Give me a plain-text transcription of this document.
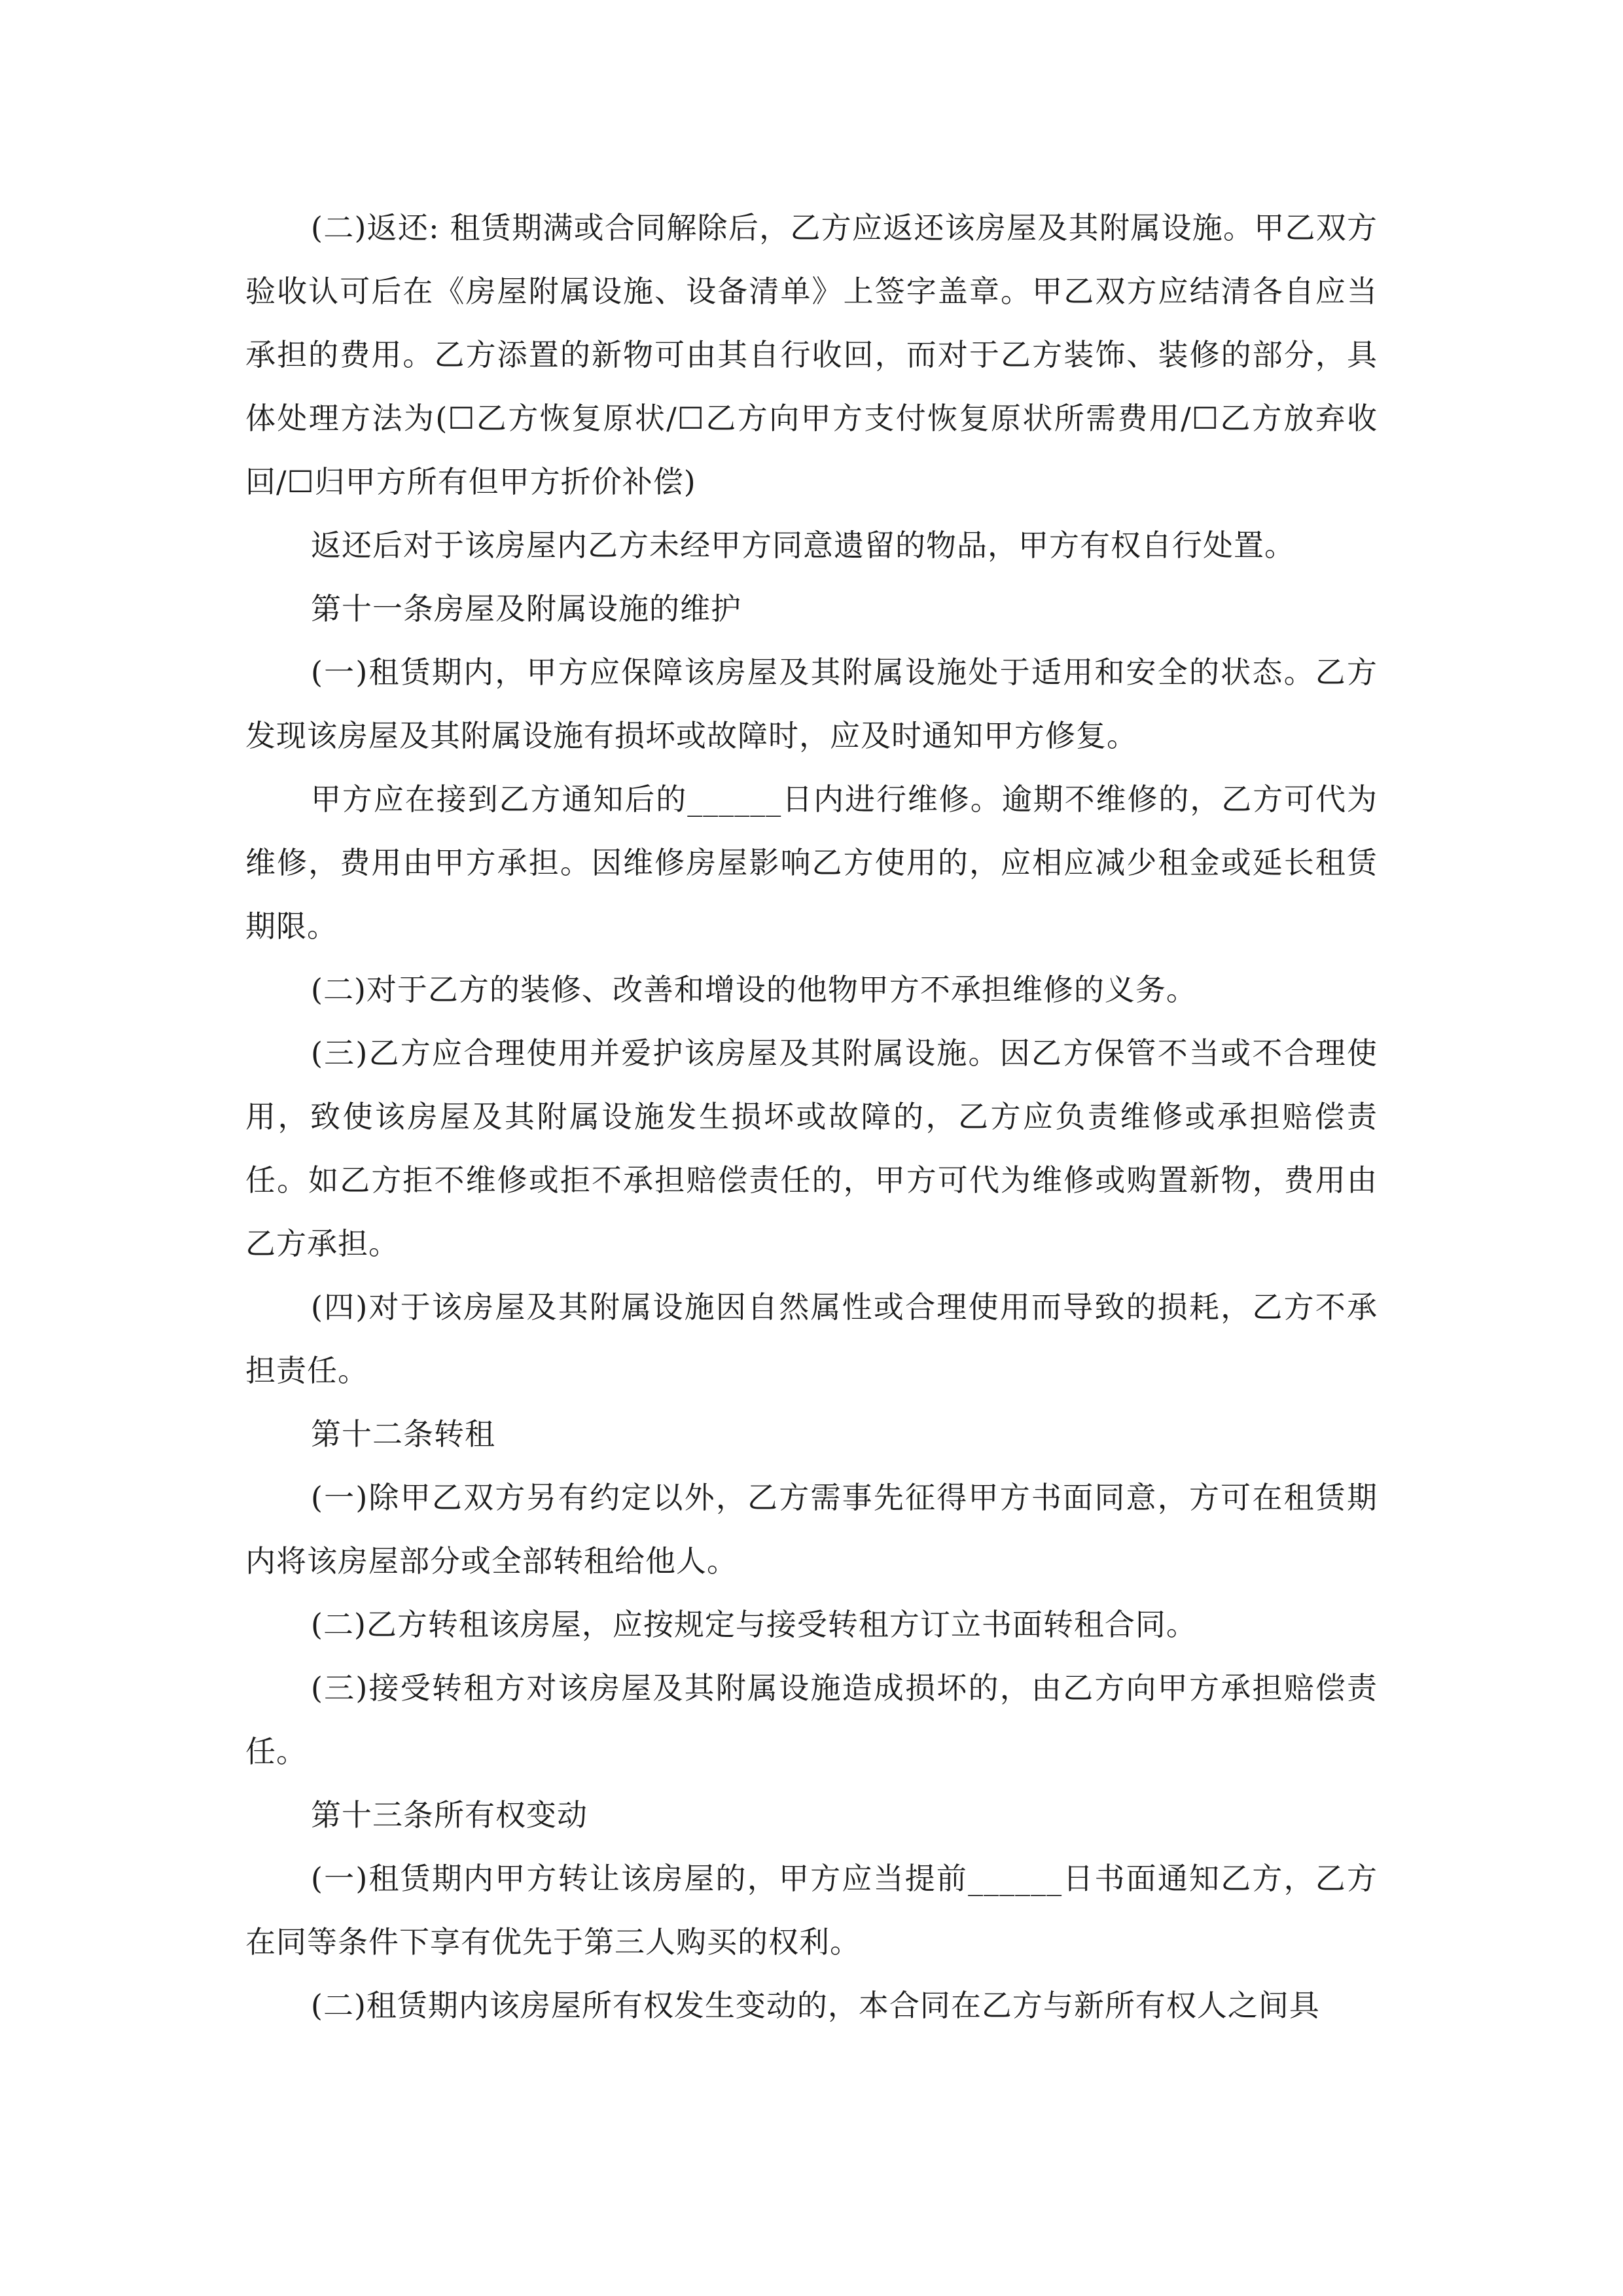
(二)返还: 租赁期满或合同解除后，乙方应返还该房屋及其附属设施。甲乙双方验收认可后在《房屋附属设施、设备清单》上签字盖章。甲乙双方应结清各自应当承担的费用。乙方添置的新物可由其自行收回，而对于乙方装饰、装修的部分，具体处理方法为(☐乙方恢复原状/☐乙方向甲方支付恢复原状所需费用/☐乙方放弃收回/☐归甲方所有但甲方折价补偿)

返还后对于该房屋内乙方未经甲方同意遗留的物品，甲方有权自行处置。

第十一条房屋及附属设施的维护

(一)租赁期内，甲方应保障该房屋及其附属设施处于适用和安全的状态。乙方发现该房屋及其附属设施有损坏或故障时，应及时通知甲方修复。

甲方应在接到乙方通知后的______日内进行维修。逾期不维修的，乙方可代为维修，费用由甲方承担。因维修房屋影响乙方使用的，应相应减少租金或延长租赁期限。

(二)对于乙方的装修、改善和增设的他物甲方不承担维修的义务。

(三)乙方应合理使用并爱护该房屋及其附属设施。因乙方保管不当或不合理使用，致使该房屋及其附属设施发生损坏或故障的，乙方应负责维修或承担赔偿责任。如乙方拒不维修或拒不承担赔偿责任的，甲方可代为维修或购置新物，费用由乙方承担。

(四)对于该房屋及其附属设施因自然属性或合理使用而导致的损耗，乙方不承担责任。

第十二条转租

(一)除甲乙双方另有约定以外，乙方需事先征得甲方书面同意，方可在租赁期内将该房屋部分或全部转租给他人。

(二)乙方转租该房屋，应按规定与接受转租方订立书面转租合同。

(三)接受转租方对该房屋及其附属设施造成损坏的，由乙方向甲方承担赔偿责任。

第十三条所有权变动

(一)租赁期内甲方转让该房屋的，甲方应当提前______日书面通知乙方，乙方在同等条件下享有优先于第三人购买的权利。

(二)租赁期内该房屋所有权发生变动的，本合同在乙方与新所有权人之间具
